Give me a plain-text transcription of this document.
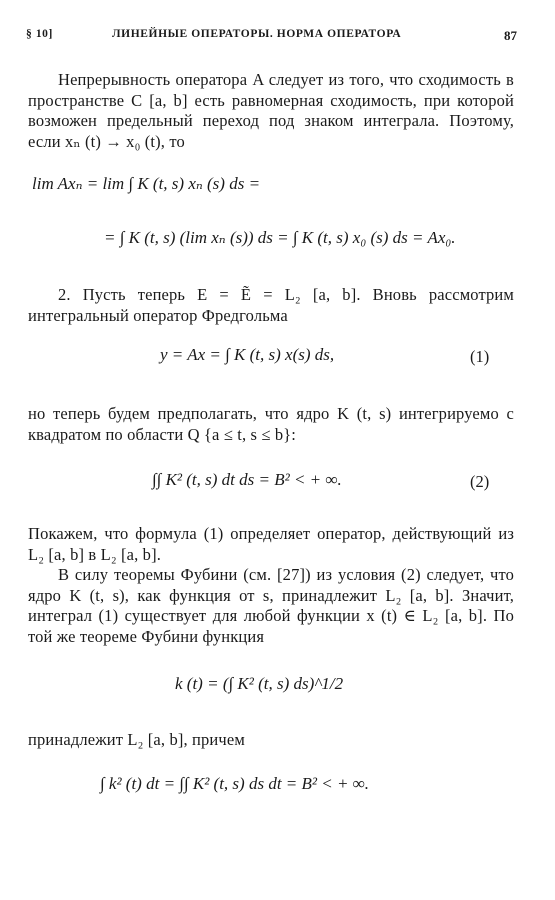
§ 10]	ЛИНЕЙНЫЕ ОПЕРАТОРЫ. НОРМА ОПЕРАТОРА	87
Непрерывность оператора A следует из того, что сходимость в пространстве C [a, b] есть равномерная сходимость, при которой возможен предельный переход под знаком интеграла. Поэтому, если xₙ (t) → x₀ (t), то
lim Axₙ = lim ∫ K (t, s) xₙ (s) ds =
= ∫ K (t, s) (lim xₙ (s)) ds = ∫ K (t, s) x₀ (s) ds = Ax₀.
2. Пусть теперь E = Ẽ = L₂ [a, b]. Вновь рассмотрим интегральный оператор Фредгольма
y = Ax = ∫ K (t, s) x(s) ds,	(1)
но теперь будем предполагать, что ядро K (t, s) интегрируемо с квадратом по области Q {a ≤ t, s ≤ b}:
∫∫ K² (t, s) dt ds = B² < + ∞.	(2)
Покажем, что формула (1) определяет оператор, действующий из L₂ [a, b] в L₂ [a, b].
В силу теоремы Фубини (см. [27]) из условия (2) следует, что ядро K (t, s), как функция от s, принадлежит L₂ [a, b]. Значит, интеграл (1) существует для любой функции x (t) ∈ L₂ [a, b]. По той же теореме Фубини функция
k (t) = (∫ K² (t, s) ds)^1/2
принадлежит L₂ [a, b], причем
∫ k² (t) dt = ∫∫ K² (t, s) ds dt = B² < + ∞.
